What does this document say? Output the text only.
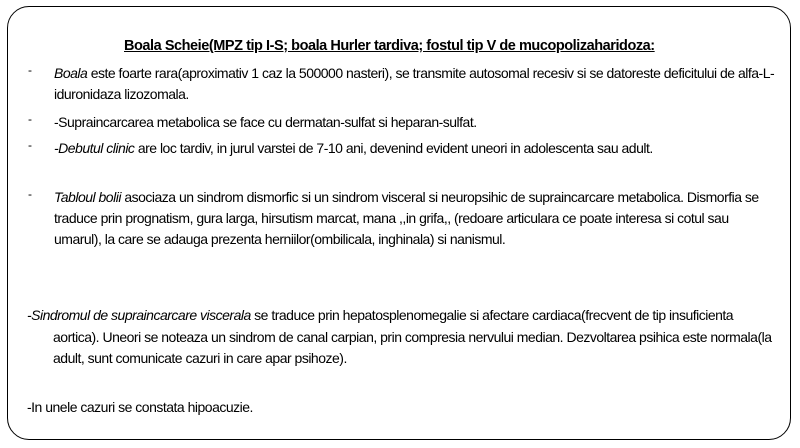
Boala Scheie(MPZ tip I-S; boala Hurler tardiva; fostul tip V de mucopolizaharidoza:
- Boala este foarte rara(aproximativ 1 caz la 500000 nasteri), se transmite autosomal recesiv si se datoreste deficitului de alfa-L-iduronidaza lizozomala.
- -Supraincarcarea metabolica se face cu dermatan-sulfat si heparan-sulfat.
- -Debutul clinic are loc tardiv, in jurul varstei de 7-10 ani, devenind evident uneori in adolescenta sau adult.
- Tabloul bolii asociaza un sindrom dismorfic si un sindrom visceral si neuropsihic de supraincarcare metabolica. Dismorfia se traduce prin prognatism, gura larga, hirsutism marcat, mana ,,in grifa,, (redoare articulara ce poate interesa si cotul sau umarul), la care se adauga prezenta herniilor(ombilicala, inghinala) si nanismul.
-Sindromul de supraincarcare viscerala se traduce prin hepatosplenomegalie si afectare cardiaca(frecvent de tip insuficienta aortica). Uneori se noteaza un sindrom de canal carpian, prin compresia nervului median. Dezvoltarea psihica este normala(la adult, sunt comunicate cazuri in care apar psihoze).
-In unele cazuri se constata hipoacuzie.
